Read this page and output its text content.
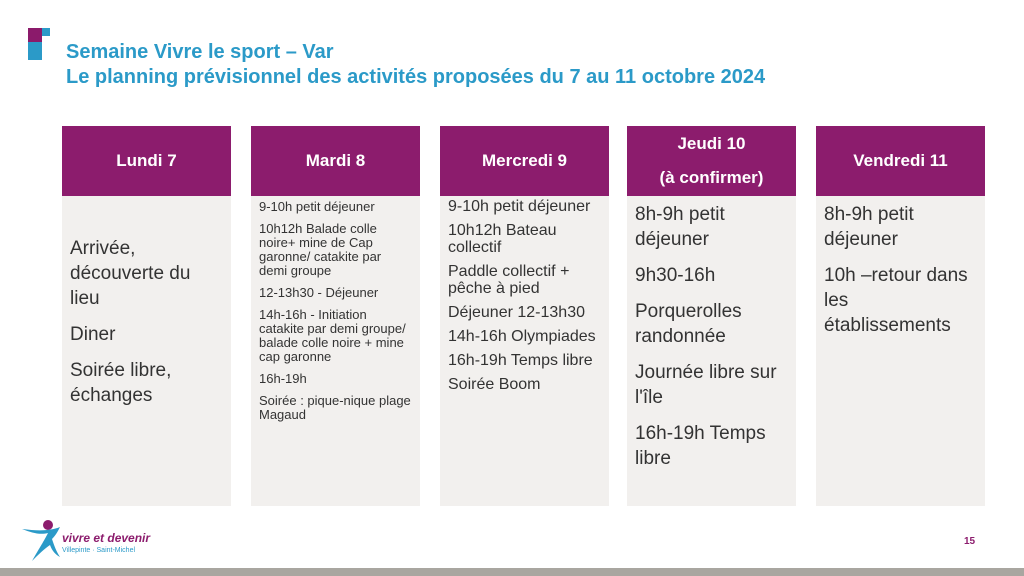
Semaine Vivre le sport – Var
Le planning prévisionnel des activités proposées du 7 au 11 octobre 2024
Lundi 7

Arrivée, découverte du lieu

Diner

Soirée libre, échanges

Mardi 8

9-10h petit déjeuner

10h12h Balade colle noire+ mine de Cap garonne/ catakite par demi groupe

12-13h30 - Déjeuner

14h-16h - Initiation catakite par demi groupe/ balade colle noire + mine cap garonne

16h-19h

Soirée : pique-nique plage Magaud

Mercredi 9

9-10h petit déjeuner

10h12h Bateau collectif

Paddle collectif + pêche à pied

Déjeuner 12-13h30

14h-16h Olympiades

16h-19h Temps libre

Soirée Boom

Jeudi 10
(à confirmer)

8h-9h petit déjeuner

9h30-16h

Porquerolles randonnée

Journée libre sur l'île

16h-19h Temps libre

Vendredi 11

8h-9h petit déjeuner

10h –retour dans les établissements

vivre et devenir
Villepinte · Saint-Michel
15
